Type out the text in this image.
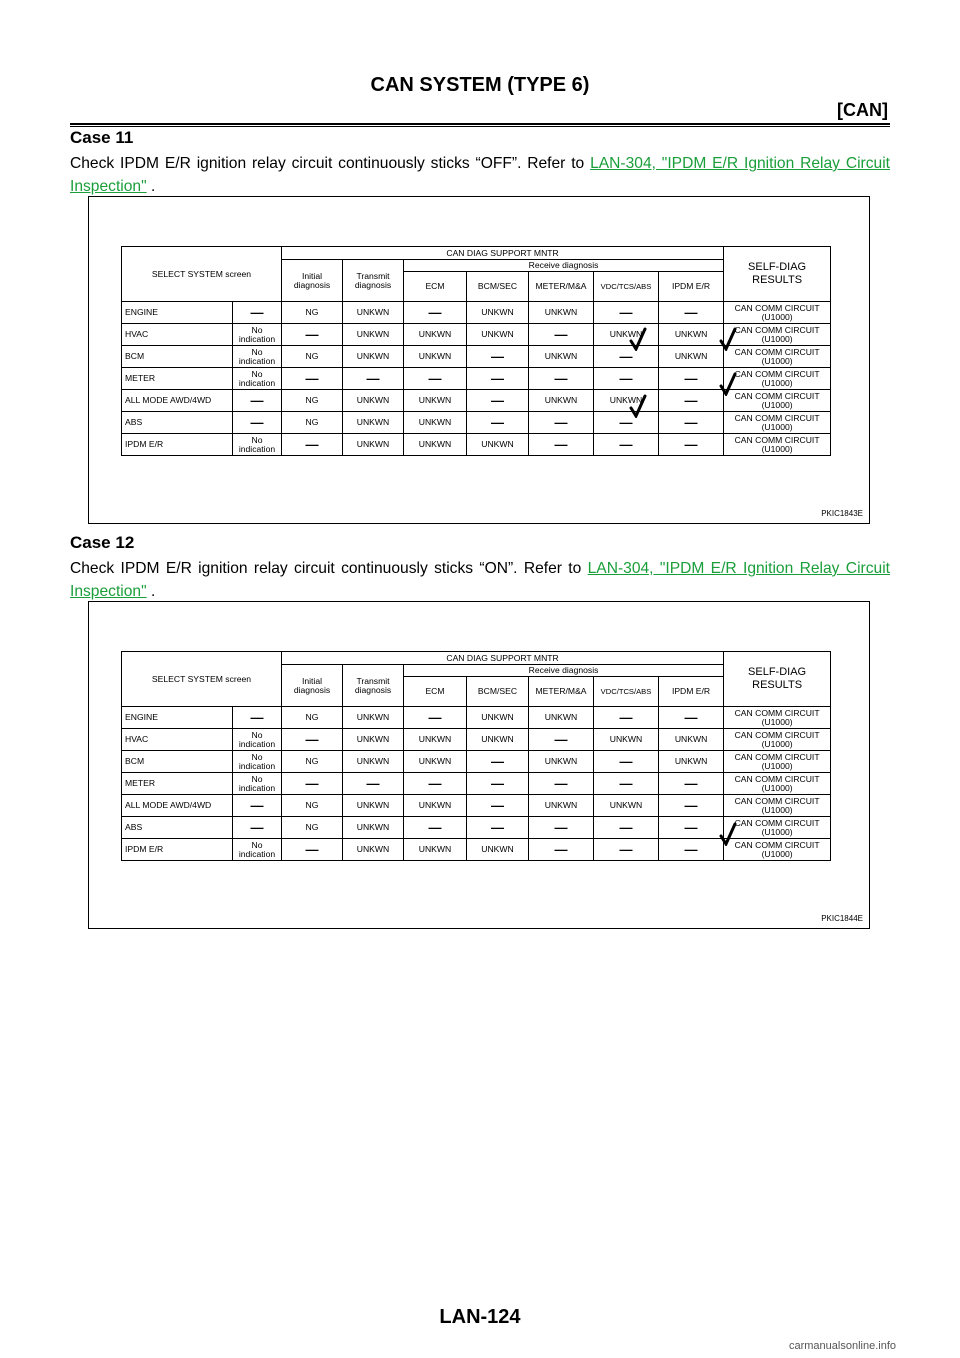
CAN SYSTEM (TYPE 6)
[CAN]
Case 11
Check IPDM E/R ignition relay circuit continuously sticks “OFF”. Refer to LAN-304, "IPDM E/R Ignition Relay Circuit Inspection" .
PKIC1843E
SELECT SYSTEM screen		CAN DIAG SUPPORT MNTR							SELF-DIAG
RESULTS
		Initial
diagnosis	Transmit
diagnosis	Receive diagnosis					
				ECM	BCM/SEC	METER/M&A	VDC/TCS/ABS	IPDM E/R	
ENGINE	—	NG	UNKWN	—	UNKWN	UNKWN	—	—	CAN COMM CIRCUIT
(U1000)
HVAC	No
indication	—	UNKWN	UNKWN	UNKWN	—	UNKWN	UNKWN	CAN COMM CIRCUIT
(U1000)
BCM	No
indication	NG	UNKWN	UNKWN	—	UNKWN	—	UNKWN	CAN COMM CIRCUIT
(U1000)
METER	No
indication	—	—	—	—	—	—	—	CAN COMM CIRCUIT
(U1000)
ALL MODE AWD/4WD	—	NG	UNKWN	UNKWN	—	UNKWN	UNKWN	—	CAN COMM CIRCUIT
(U1000)
ABS	—	NG	UNKWN	UNKWN	—	—	—	—	CAN COMM CIRCUIT
(U1000)
IPDM E/R	No
indication	—	UNKWN	UNKWN	UNKWN	—	—	—	CAN COMM CIRCUIT
(U1000)
Case 12
Check IPDM E/R ignition relay circuit continuously sticks “ON”. Refer to LAN-304, "IPDM E/R Ignition Relay Circuit Inspection" .
PKIC1844E
SELECT SYSTEM screen		CAN DIAG SUPPORT MNTR							SELF-DIAG
RESULTS
		Initial
diagnosis	Transmit
diagnosis	Receive diagnosis					
				ECM	BCM/SEC	METER/M&A	VDC/TCS/ABS	IPDM E/R	
ENGINE	—	NG	UNKWN	—	UNKWN	UNKWN	—	—	CAN COMM CIRCUIT
(U1000)
HVAC	No
indication	—	UNKWN	UNKWN	UNKWN	—	UNKWN	UNKWN	CAN COMM CIRCUIT
(U1000)
BCM	No
indication	NG	UNKWN	UNKWN	—	UNKWN	—	UNKWN	CAN COMM CIRCUIT
(U1000)
METER	No
indication	—	—	—	—	—	—	—	CAN COMM CIRCUIT
(U1000)
ALL MODE AWD/4WD	—	NG	UNKWN	UNKWN	—	UNKWN	UNKWN	—	CAN COMM CIRCUIT
(U1000)
ABS	—	NG	UNKWN	—	—	—	—	—	CAN COMM CIRCUIT
(U1000)
IPDM E/R	No
indication	—	UNKWN	UNKWN	UNKWN	—	—	—	CAN COMM CIRCUIT
(U1000)
LAN-124
carmanualsonline.info
